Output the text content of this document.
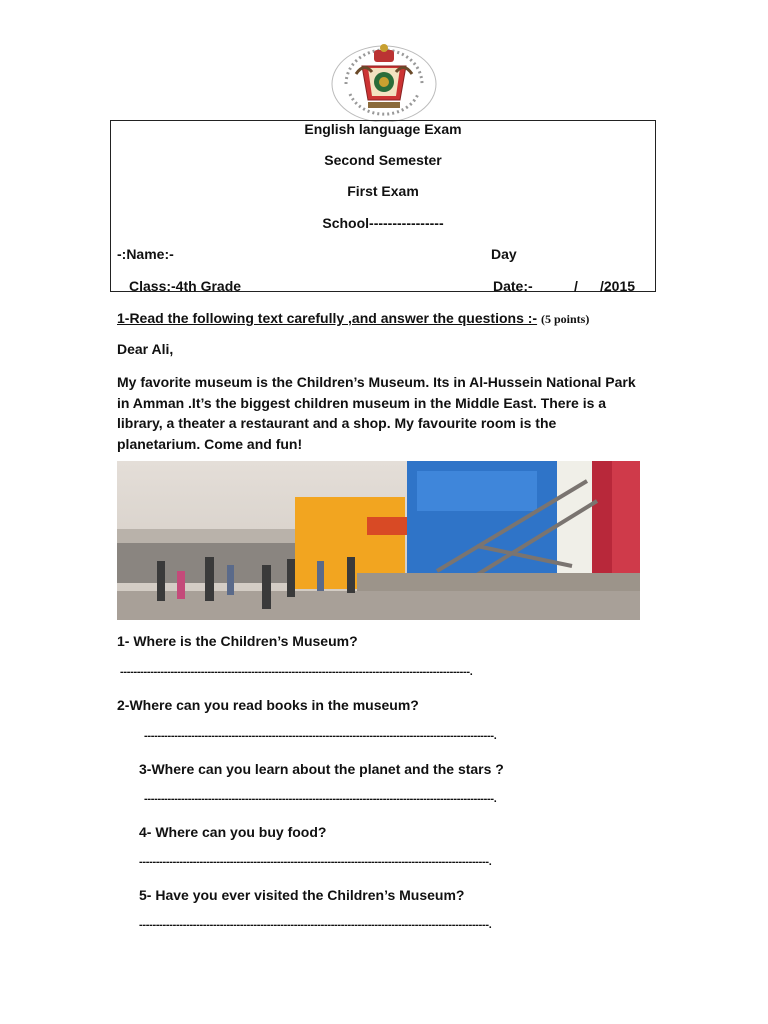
English language Exam
Second Semester
First Exam
School----------------
-:Name:-	Day
Class:-4th Grade	Date:-	/ /2015
1-Read the following text carefully ,and answer the questions :- (5 points)
Dear Ali,
My favorite museum is the Children’s Museum. Its in Al-Hussein National Park in Amman .It’s the biggest children museum in the Middle East. There is a library, a theater a restaurant and a shop. My favourite room is the planetarium. Come and fun!
1- Where is the Children’s Museum?
--------------------------------------------------------------------------------------------------------.
2-Where can you read books in the museum?
--------------------------------------------------------------------------------------------------------.
3-Where can you learn about the planet and the stars ?
--------------------------------------------------------------------------------------------------------.
4- Where can you buy food?
--------------------------------------------------------------------------------------------------------.
5- Have you ever visited the Children’s Museum?
--------------------------------------------------------------------------------------------------------.
